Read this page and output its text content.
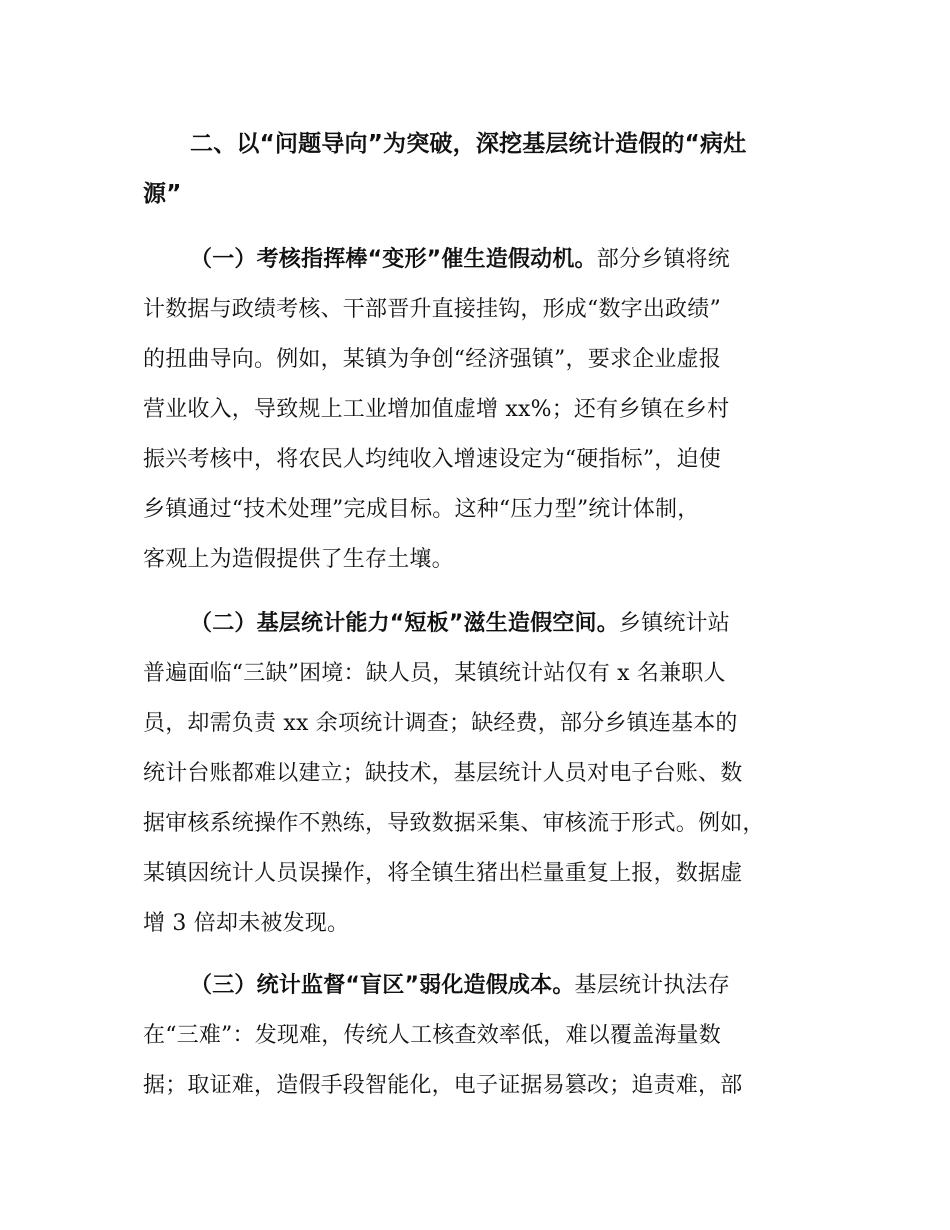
二、以“问题导向”为突破，深挖基层统计造假的“病灶
源”
（一）考核指挥棒“变形”催生造假动机。部分乡镇将统
计数据与政绩考核、干部晋升直接挂钩，形成“数字出政绩”
的扭曲导向。例如，某镇为争创“经济强镇”，要求企业虚报
营业收入，导致规上工业增加值虚增 xx%；还有乡镇在乡村
振兴考核中，将农民人均纯收入增速设定为“硬指标”，迫使
乡镇通过“技术处理”完成目标。这种“压力型”统计体制，
客观上为造假提供了生存土壤。
（二）基层统计能力“短板”滋生造假空间。乡镇统计站
普遍面临“三缺”困境：缺人员，某镇统计站仅有 x 名兼职人
员，却需负责 xx 余项统计调查；缺经费，部分乡镇连基本的
统计台账都难以建立；缺技术，基层统计人员对电子台账、数
据审核系统操作不熟练，导致数据采集、审核流于形式。例如，
某镇因统计人员误操作，将全镇生猪出栏量重复上报，数据虚
增 3 倍却未被发现。
（三）统计监督“盲区”弱化造假成本。基层统计执法存
在“三难”：发现难，传统人工核查效率低，难以覆盖海量数
据；取证难，造假手段智能化，电子证据易篡改；追责难，部
